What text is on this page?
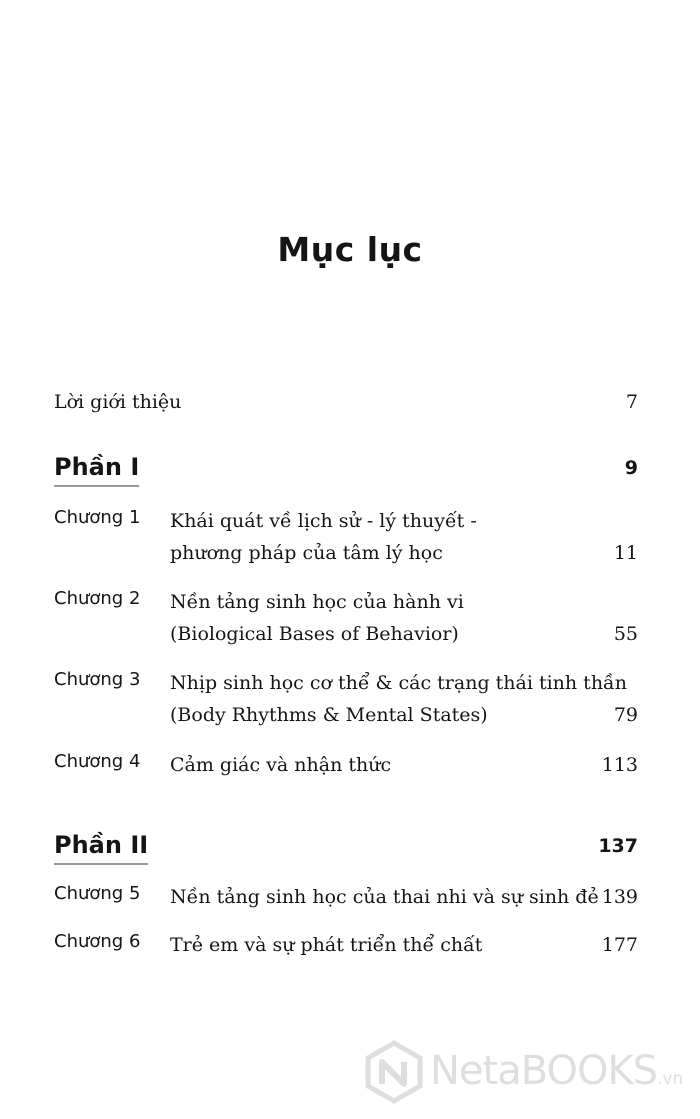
Mục lục
Lời giới thiệu	7
Phần I	9
Chương 1 Khái quát về lịch sử - lý thuyết -
phương pháp của tâm lý học	11
Chương 2 Nền tảng sinh học của hành vi
(Biological Bases of Behavior)	55
Chương 3 Nhịp sinh học cơ thể & các trạng thái tinh thần
(Body Rhythms & Mental States)	79
Chương 4 Cảm giác và nhận thức	113
Phần II	137
Chương 5 Nền tảng sinh học của thai nhi và sự sinh đẻ 139
Chương 6 Trẻ em và sự phát triển thể chất	177
NetaBOOKS.vn
